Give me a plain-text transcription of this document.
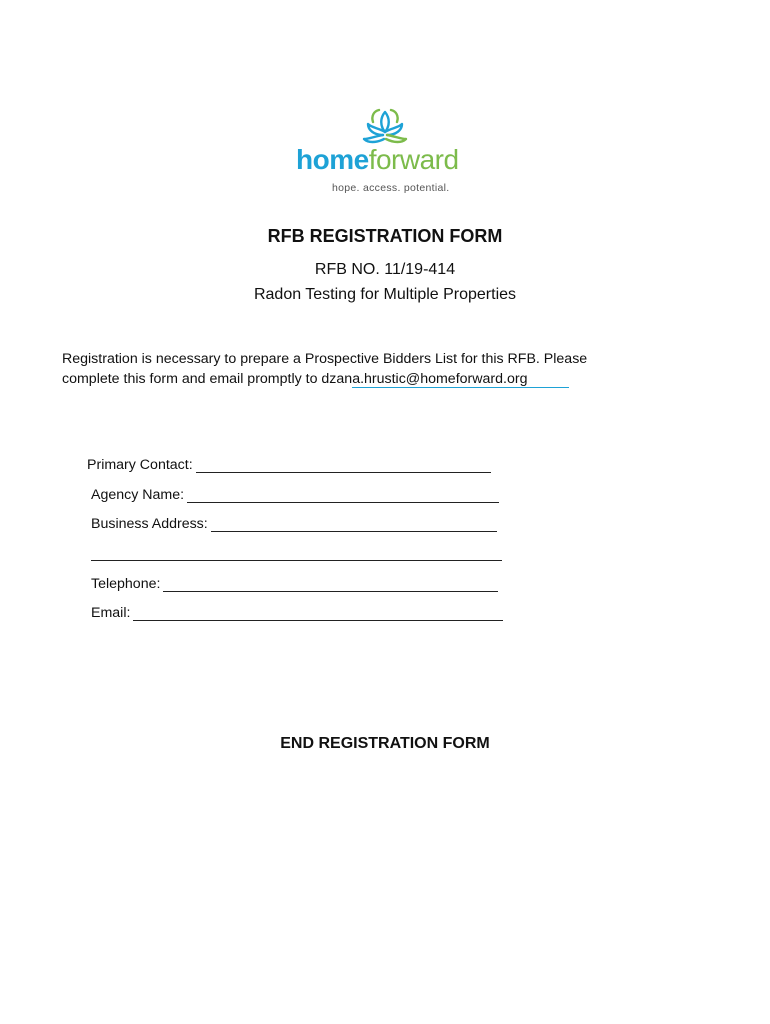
homeforward
hope. access. potential.
RFB REGISTRATION FORM
RFB NO. 11/19-414
Radon Testing for Multiple Properties
Registration is necessary to prepare a Prospective Bidders List for this RFB. Please
complete this form and email promptly to dzana.hrustic@homeforward.org
Primary Contact:
Agency Name:
Business Address:
Telephone:
Email:
END REGISTRATION FORM
